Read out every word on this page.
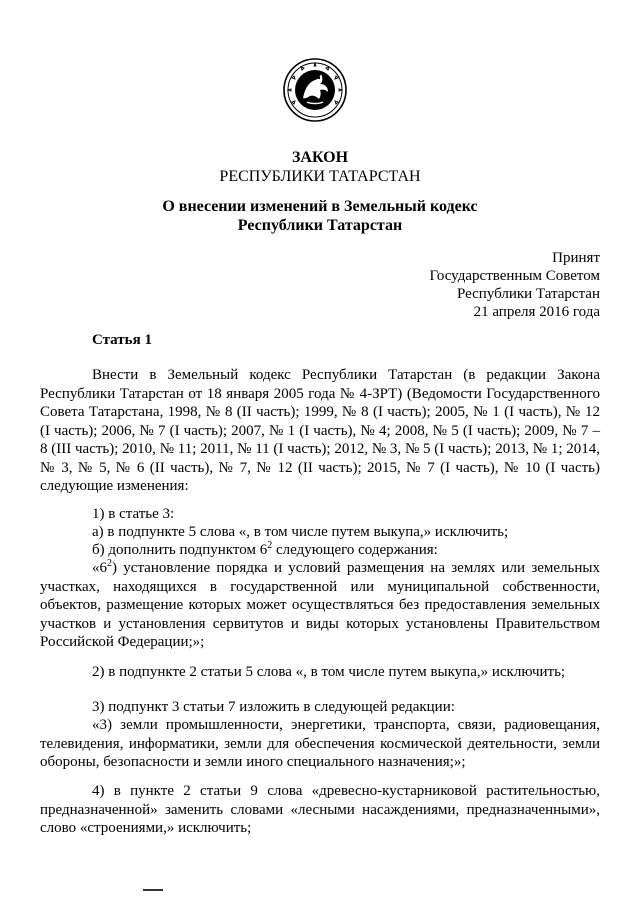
ЗАКОН

РЕСПУБЛИКИ ТАТАРСТАН

О внесении изменений в Земельный кодекс

Республики Татарстан

Принят
Государственным Советом
Республики Татарстан
21 апреля 2016 года

Статья 1

Внести в Земельный кодекс Республики Татарстан (в редакции Закона Республики Татарстан от 18 января 2005 года № 4-ЗРТ) (Ведомости Государственного Совета Татарстана, 1998, № 8 (II часть); 1999, № 8 (I часть); 2005, № 1 (I часть), № 12 (I часть); 2006, № 7 (I часть); 2007, № 1 (I часть), № 4; 2008, № 5 (I часть); 2009, № 7 – 8 (III часть); 2010, № 11; 2011, № 11 (I часть); 2012, № 3, № 5 (I часть); 2013, № 1; 2014, № 3, № 5, № 6 (II часть), № 7, № 12 (II часть); 2015, № 7 (I часть), № 10 (I часть) следующие изменения:

1) в статье 3:

а) в подпункте 5 слова «, в том числе путем выкупа,» исключить;

б) дополнить подпунктом $6^2$ следующего содержания:

«$6^2$) установление порядка и условий размещения на землях или земельных участках, находящихся в государственной или муниципальной собственности, объектов, размещение которых может осуществляться без предоставления земельных участков и установления сервитутов и виды которых установлены Правительством Российской Федерации;»;

2) в подпункте 2 статьи 5 слова «, в том числе путем выкупа,» исключить;

3) подпункт 3 статьи 7 изложить в следующей редакции:

«3) земли промышленности, энергетики, транспорта, связи, радиовещания, телевидения, информатики, земли для обеспечения космической деятельности, земли обороны, безопасности и земли иного специального назначения;»;

4) в пункте 2 статьи 9 слова «древесно-кустарниковой растительностью, предназначенной» заменить словами «лесными насаждениями, предназначенными», слово «строениями,» исключить;
